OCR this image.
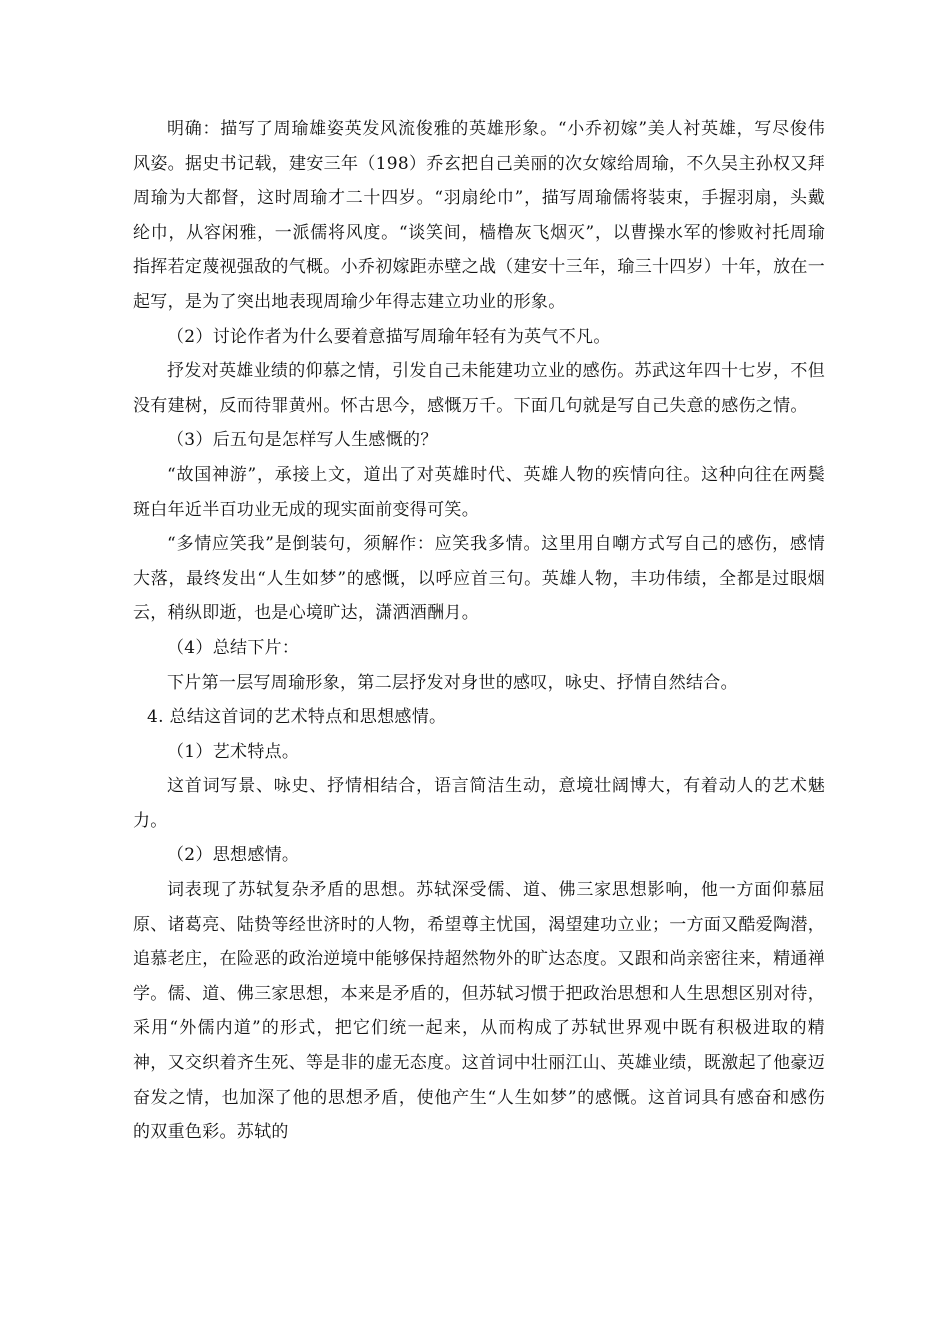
明确：描写了周瑜雄姿英发风流俊雅的英雄形象。“小乔初嫁”美人衬英雄，写尽俊伟风姿。据史书记载，建安三年（198）乔玄把自己美丽的次女嫁给周瑜，不久吴主孙权又拜周瑜为大都督，这时周瑜才二十四岁。“羽扇纶巾”，描写周瑜儒将装束，手握羽扇，头戴纶巾，从容闲雅，一派儒将风度。“谈笑间，樯橹灰飞烟灭”，以曹操水军的惨败衬托周瑜指挥若定蔑视强敌的气概。小乔初嫁距赤壁之战（建安十三年，瑜三十四岁）十年，放在一起写，是为了突出地表现周瑜少年得志建立功业的形象。

（2）讨论作者为什么要着意描写周瑜年轻有为英气不凡。

抒发对英雄业绩的仰慕之情，引发自己未能建功立业的感伤。苏武这年四十七岁，不但没有建树，反而待罪黄州。怀古思今，感慨万千。下面几句就是写自己失意的感伤之情。

（3）后五句是怎样写人生感慨的？

“故国神游”，承接上文，道出了对英雄时代、英雄人物的疾情向往。这种向往在两鬓斑白年近半百功业无成的现实面前变得可笑。

“多情应笑我”是倒装句，须解作：应笑我多情。这里用自嘲方式写自己的感伤，感情大落，最终发出“人生如梦”的感慨，以呼应首三句。英雄人物，丰功伟绩，全都是过眼烟云，稍纵即逝，也是心境旷达，潇洒酒酬月。

（4）总结下片：

下片第一层写周瑜形象，第二层抒发对身世的感叹，咏史、抒情自然结合。

4. 总结这首词的艺术特点和思想感情。

（1）艺术特点。

这首词写景、咏史、抒情相结合，语言简洁生动，意境壮阔博大，有着动人的艺术魅力。

（2）思想感情。

词表现了苏轼复杂矛盾的思想。苏轼深受儒、道、佛三家思想影响，他一方面仰慕屈原、诸葛亮、陆贽等经世济时的人物，希望尊主忧国，渴望建功立业；一方面又酷爱陶潜，追慕老庄，在险恶的政治逆境中能够保持超然物外的旷达态度。又跟和尚亲密往来，精通禅学。儒、道、佛三家思想，本来是矛盾的，但苏轼习惯于把政治思想和人生思想区别对待，采用“外儒内道”的形式，把它们统一起来，从而构成了苏轼世界观中既有积极进取的精神，又交织着齐生死、等是非的虚无态度。这首词中壮丽江山、英雄业绩，既激起了他豪迈奋发之情，也加深了他的思想矛盾，使他产生“人生如梦”的感慨。这首词具有感奋和感伤的双重色彩。苏轼的
